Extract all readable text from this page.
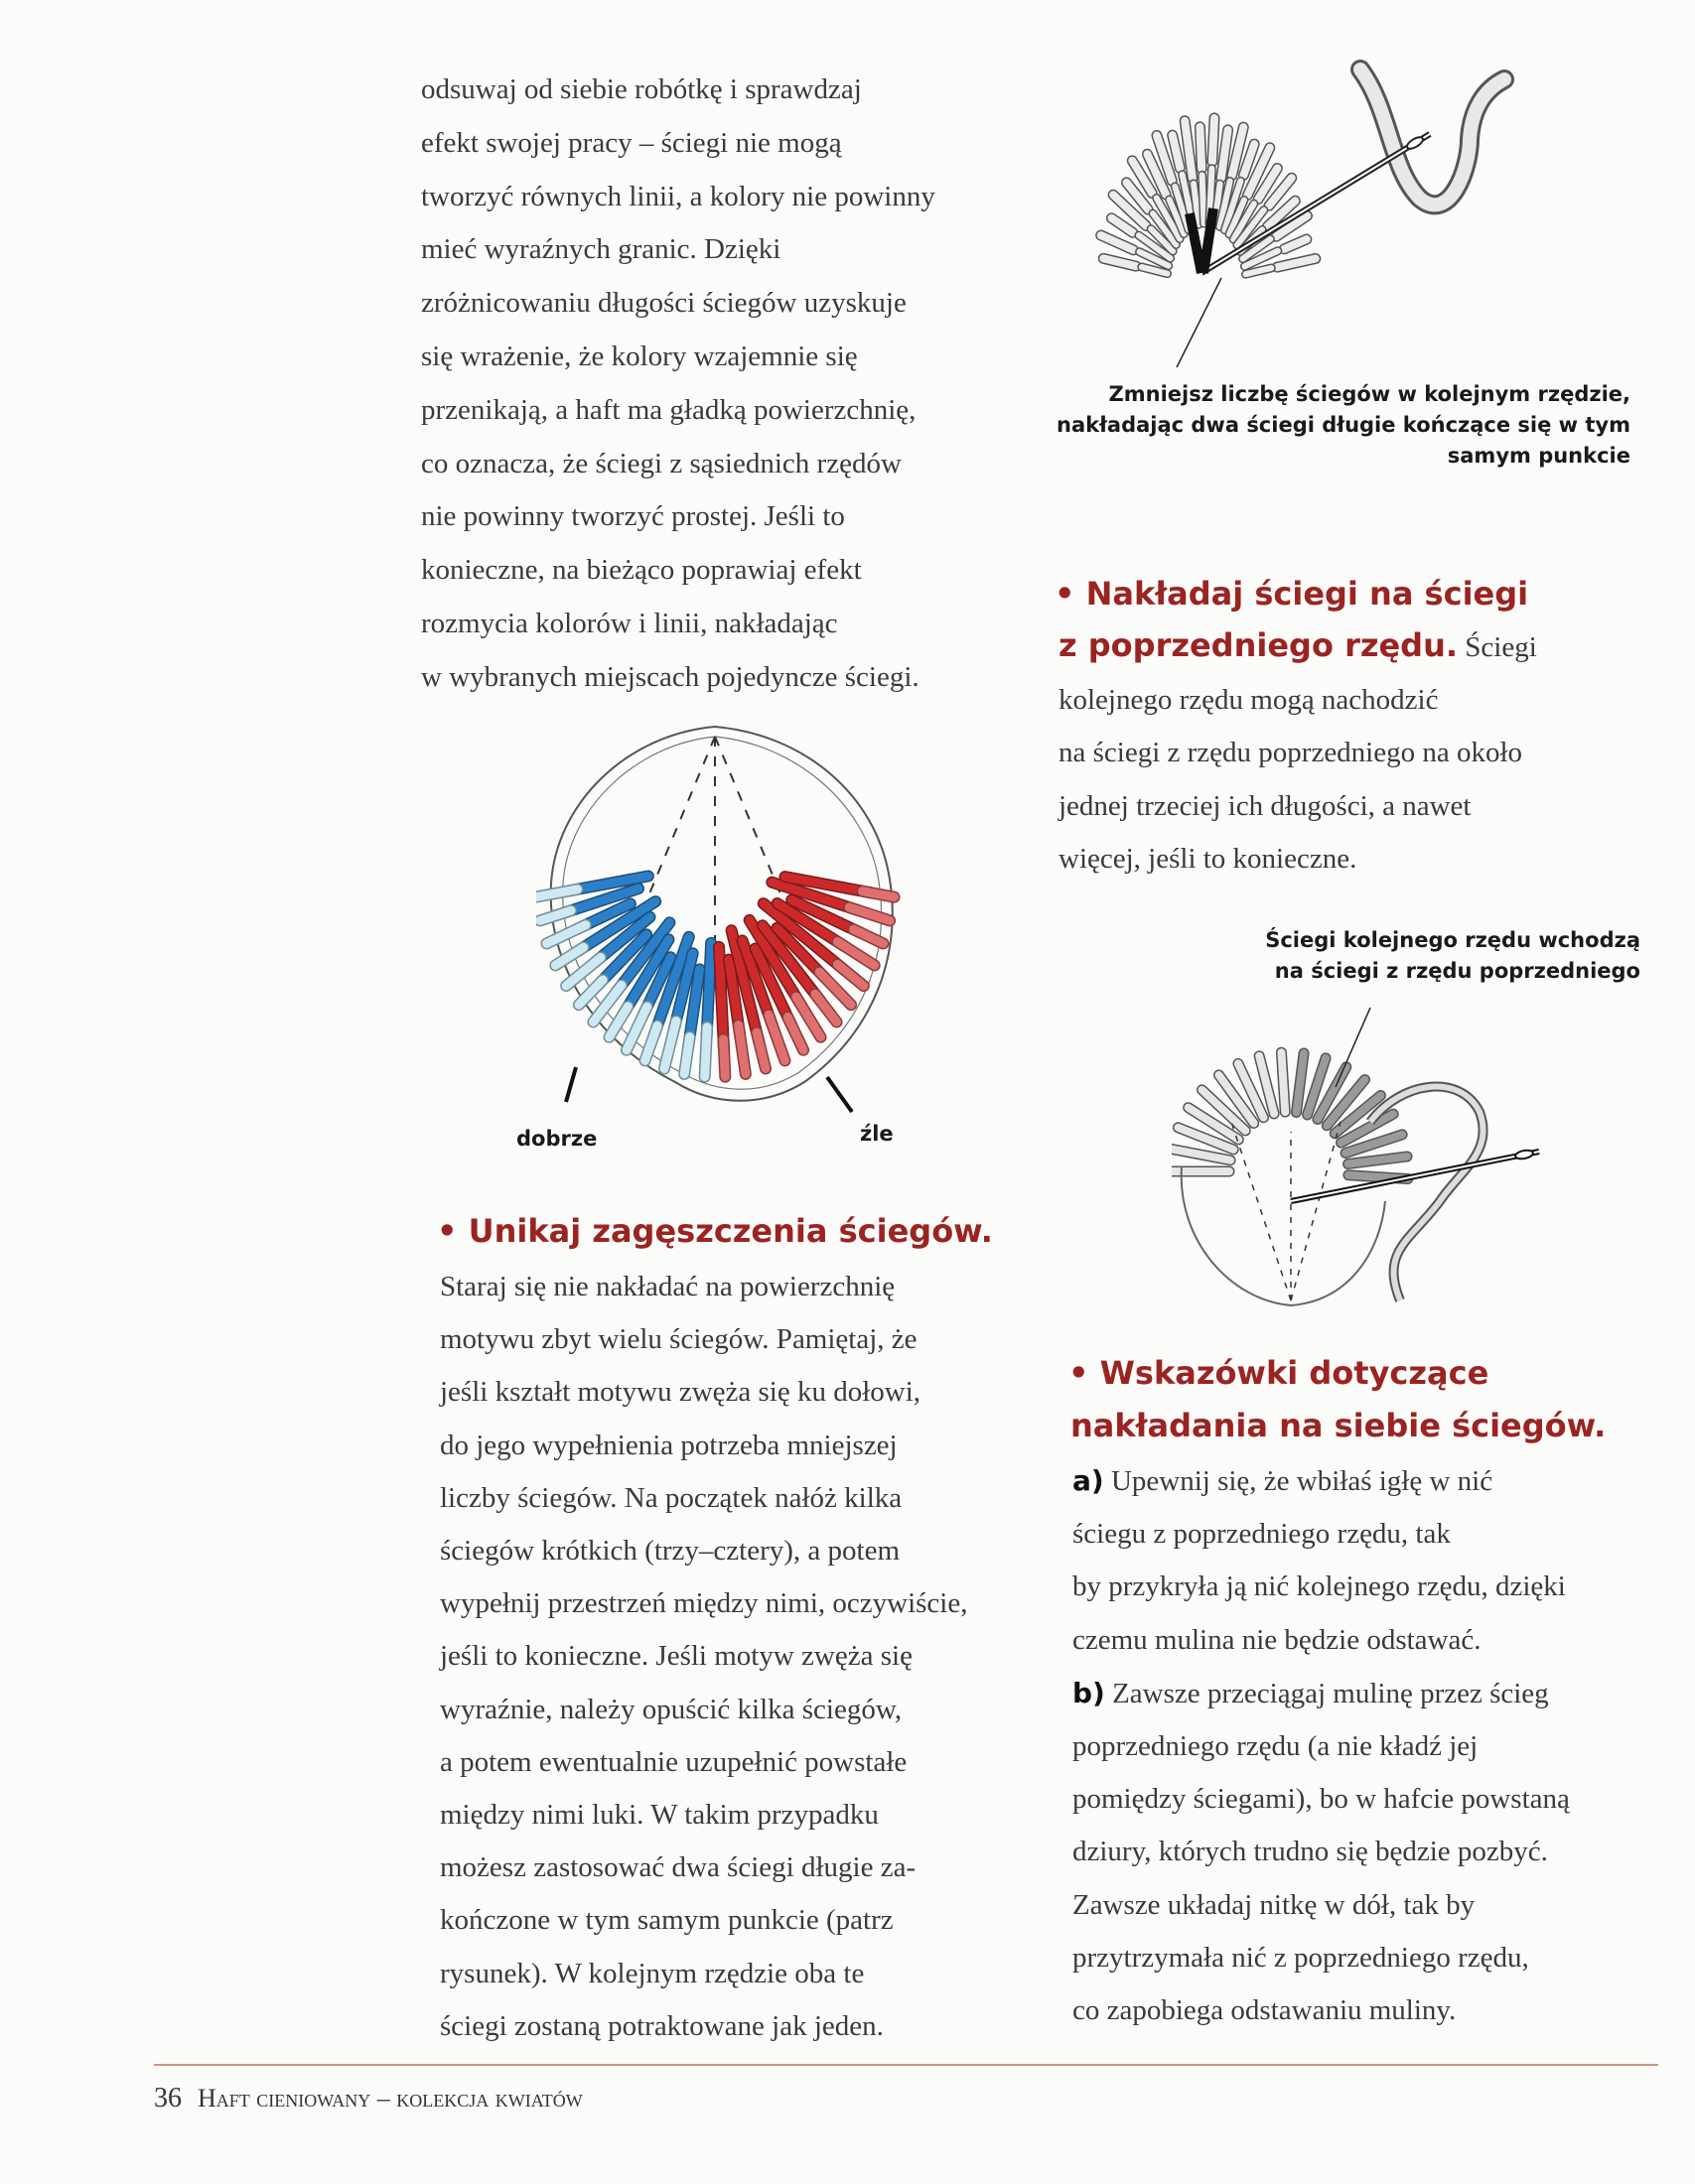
odsuwaj od siebie robótkę i sprawdzaj
efekt swojej pracy – ściegi nie mogą
tworzyć równych linii, a kolory nie powinny
mieć wyraźnych granic. Dzięki
zróżnicowaniu długości ściegów uzyskuje
się wrażenie, że kolory wzajemnie się
przenikają, a haft ma gładką powierzchnię,
co oznacza, że ściegi z sąsiednich rzędów
nie powinny tworzyć prostej. Jeśli to
konieczne, na bieżąco poprawiaj efekt
rozmycia kolorów i linii, nakładając
w wybranych miejscach pojedyncze ściegi.
Zmniejsz liczbę ściegów w kolejnym rzędzie,
nakładając dwa ściegi długie kończące się w tym
samym punkcie
• Nakładaj ściegi na ściegi
z poprzedniego rzędu. Ściegi
kolejnego rzędu mogą nachodzić
na ściegi z rzędu poprzedniego na około
jednej trzeciej ich długości, a nawet
więcej, jeśli to konieczne.
dobrze	źle
Ściegi kolejnego rzędu wchodzą
na ściegi z rzędu poprzedniego
• Unikaj zagęszczenia ściegów.
Staraj się nie nakładać na powierzchnię
motywu zbyt wielu ściegów. Pamiętaj, że
jeśli kształt motywu zwęża się ku dołowi,
do jego wypełnienia potrzeba mniejszej
liczby ściegów. Na początek nałóż kilka
ściegów krótkich (trzy–cztery), a potem
wypełnij przestrzeń między nimi, oczywiście,
jeśli to konieczne. Jeśli motyw zwęża się
wyraźnie, należy opuścić kilka ściegów,
a potem ewentualnie uzupełnić powstałe
między nimi luki. W takim przypadku
możesz zastosować dwa ściegi długie za-
kończone w tym samym punkcie (patrz
rysunek). W kolejnym rzędzie oba te
ściegi zostaną potraktowane jak jeden.
• Wskazówki dotyczące
nakładania na siebie ściegów.
a) Upewnij się, że wbiłaś igłę w nić
ściegu z poprzedniego rzędu, tak
by przykryła ją nić kolejnego rzędu, dzięki
czemu mulina nie będzie odstawać.
b) Zawsze przeciągaj mulinę przez ścieg
poprzedniego rzędu (a nie kładź jej
pomiędzy ściegami), bo w hafcie powstaną
dziury, których trudno się będzie pozbyć.
Zawsze układaj nitkę w dół, tak by
przytrzymała nić z poprzedniego rzędu,
co zapobiega odstawaniu muliny.
36 Haft cieniowany – kolekcja kwiatów
